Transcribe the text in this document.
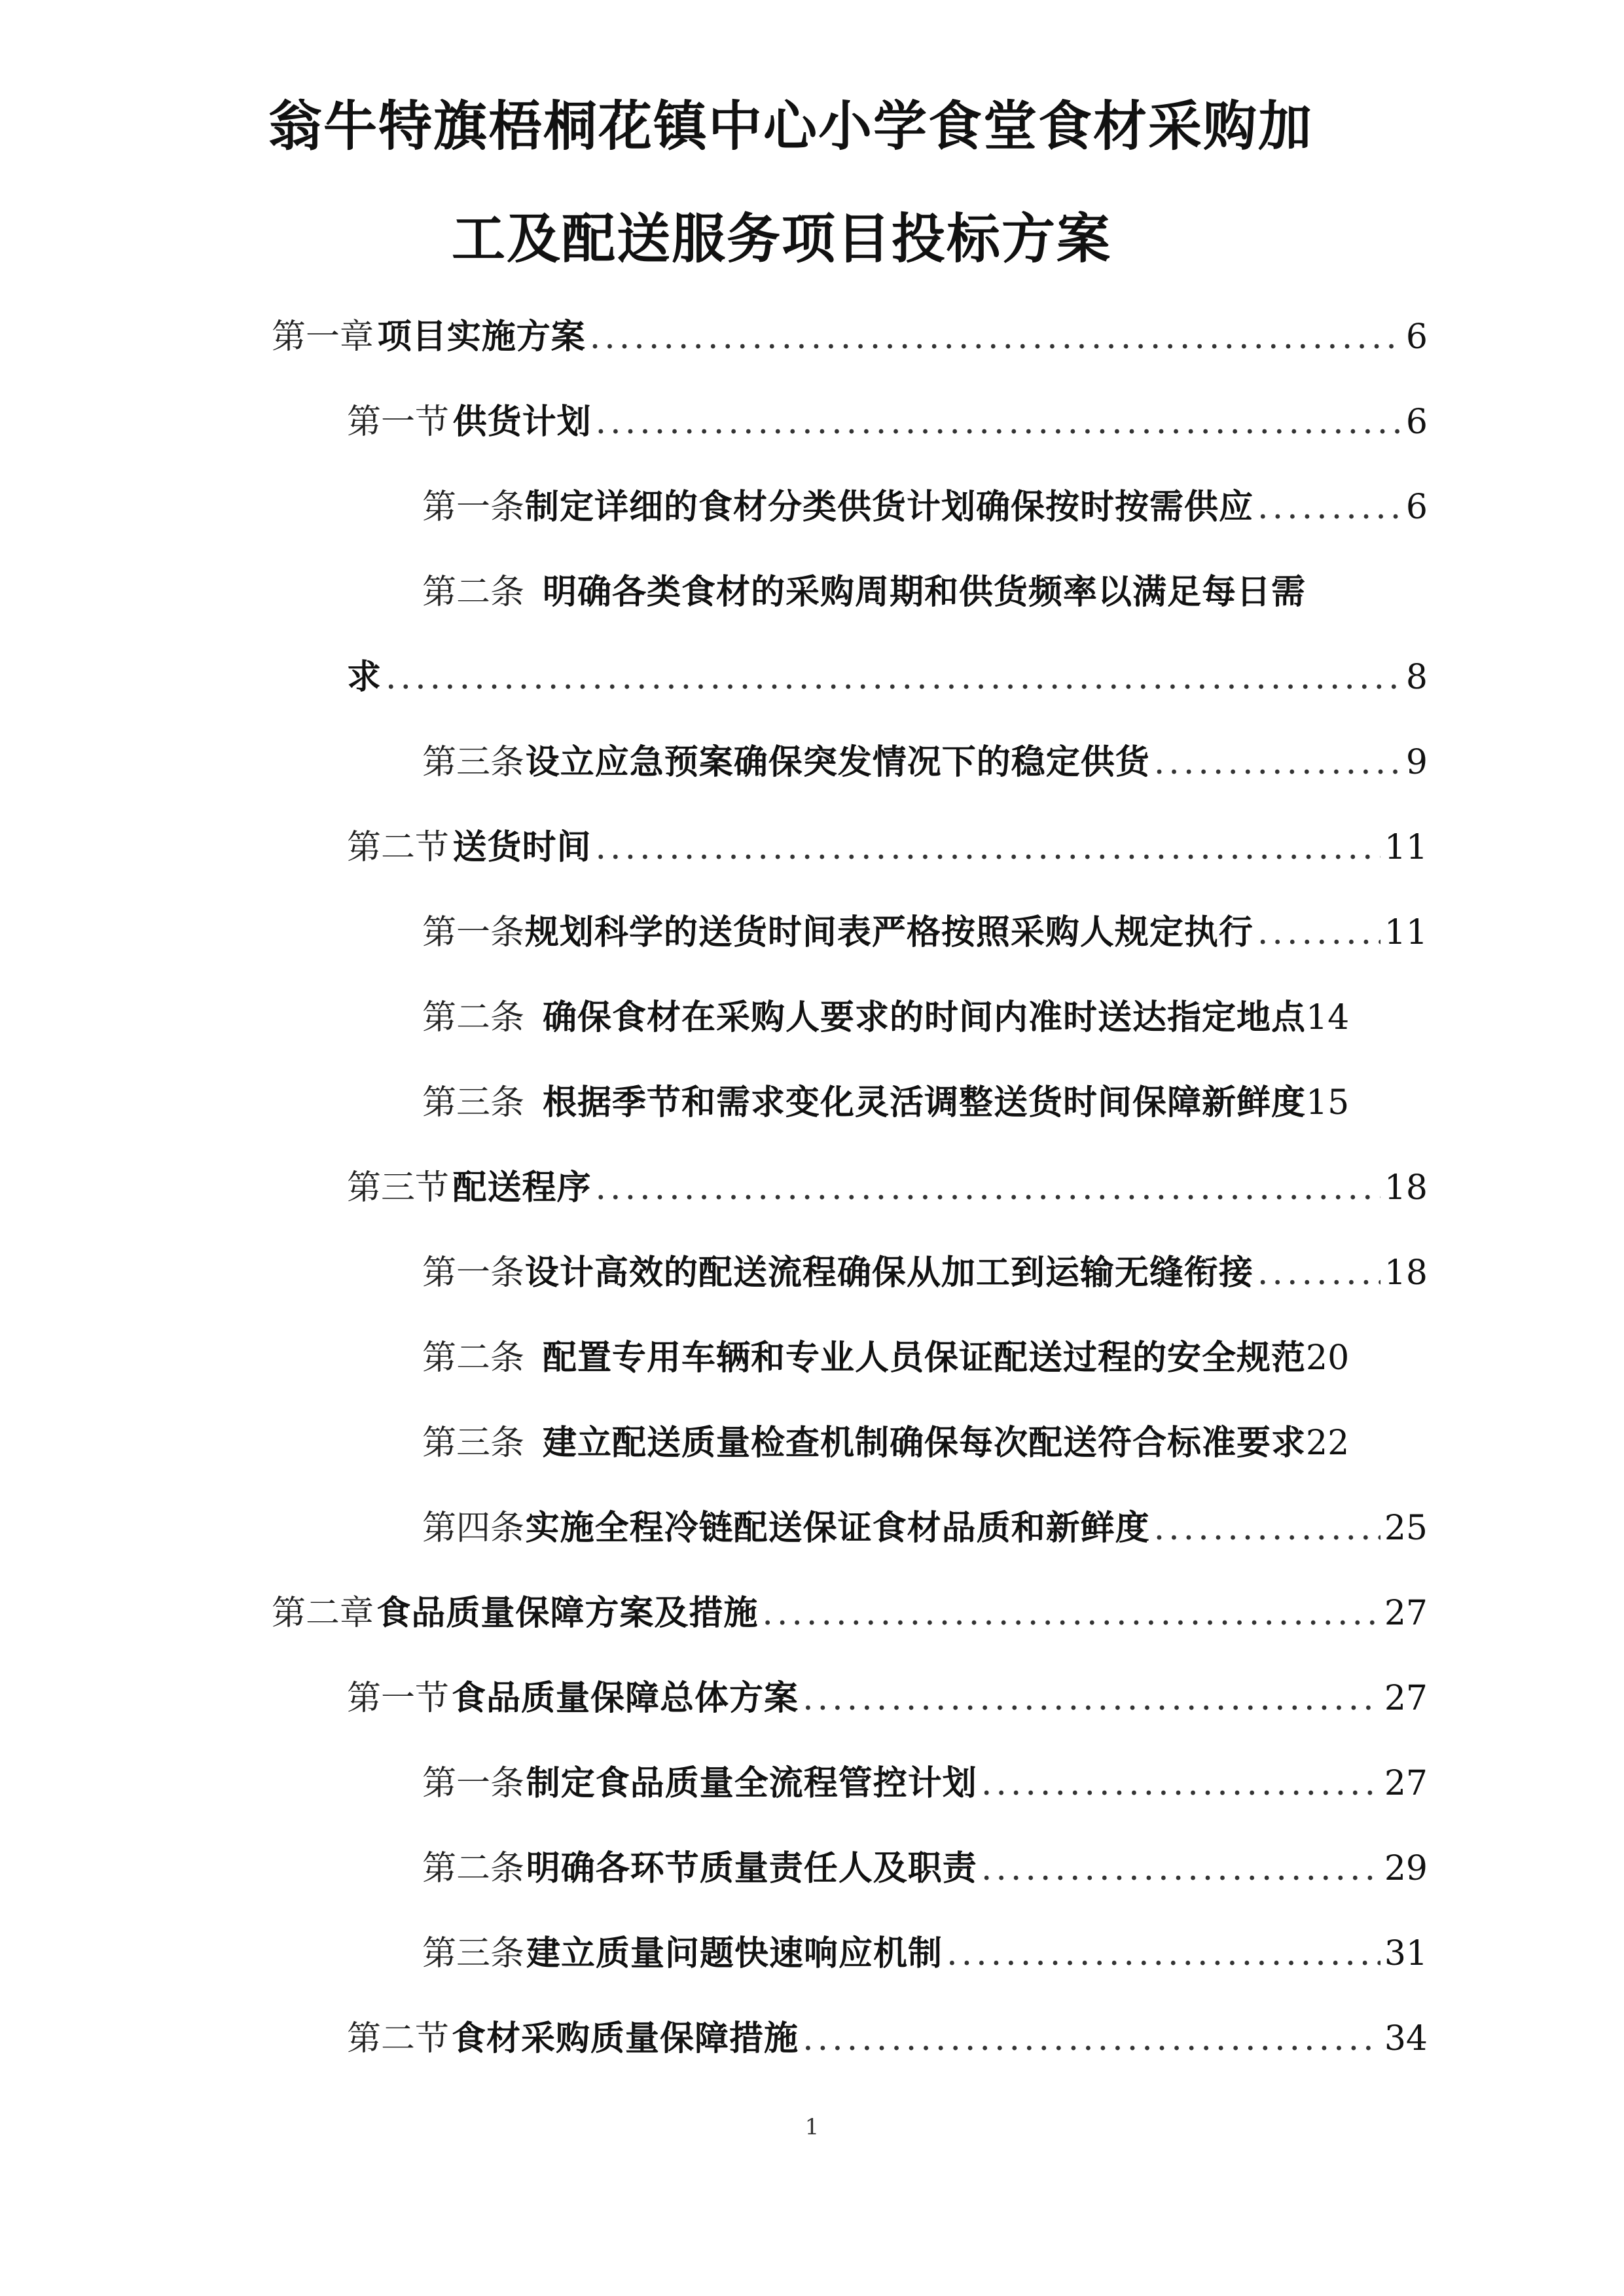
翁牛特旗梧桐花镇中心小学食堂食材采购加
工及配送服务项目投标方案
第一章 项目实施方案 .....	6
第一节 供货计划 .....	6
第一条 制定详细的食材分类供货计划确保按时按需供应 .....	6
第二条 明确各类食材的采购周期和供货频率以满足每日需
求 .....	8
第三条 设立应急预案确保突发情况下的稳定供货 .....	9
第二节 送货时间 .....	11
第一条 规划科学的送货时间表严格按照采购人规定执行 .....	11
第二条 确保食材在采购人要求的时间内准时送达指定地点 14
第三条 根据季节和需求变化灵活调整送货时间保障新鲜度 15
第三节 配送程序 .....	18
第一条 设计高效的配送流程确保从加工到运输无缝衔接 .....	18
第二条 配置专用车辆和专业人员保证配送过程的安全规范 20
第三条 建立配送质量检查机制确保每次配送符合标准要求 22
第四条 实施全程冷链配送保证食材品质和新鲜度 .....	25
第二章 食品质量保障方案及措施 .....	27
第一节 食品质量保障总体方案 .....	27
第一条 制定食品质量全流程管控计划 .....	27
第二条 明确各环节质量责任人及职责 .....	29
第三条 建立质量问题快速响应机制 .....	31
第二节 食材采购质量保障措施 .....	34
1
